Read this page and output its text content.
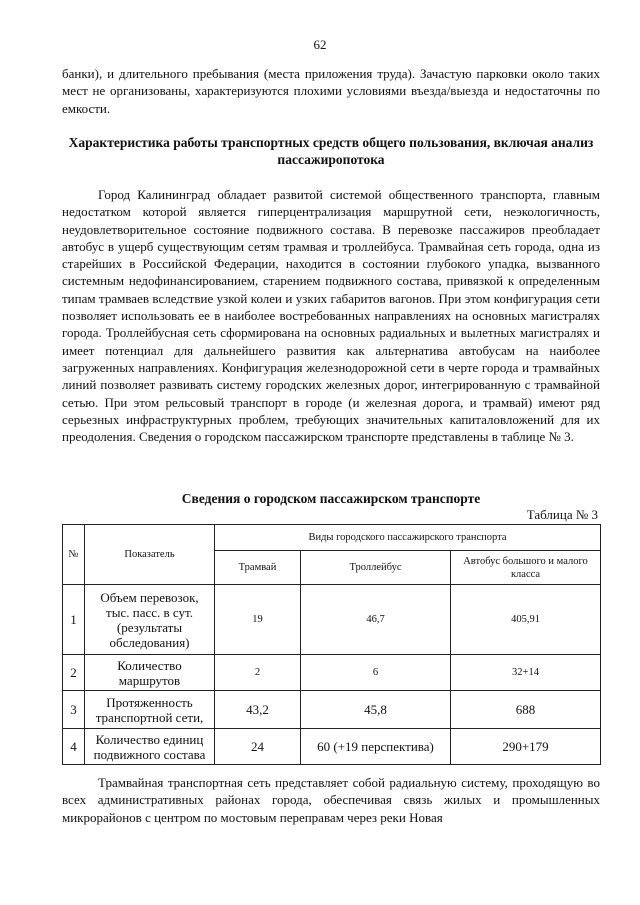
62
банки), и длительного пребывания (места приложения труда). Зачастую парковки около таких мест не организованы, характеризуются плохими условиями въезда/выезда и недостаточны по емкости.
Характеристика работы транспортных средств общего пользования, включая анализ пассажиропотока
Город Калининград обладает развитой системой общественного транспорта, главным недостатком которой является гиперцентрализация маршрутной сети, неэкологичность, неудовлетворительное состояние подвижного состава. В перевозке пассажиров преобладает автобус в ущерб существующим сетям трамвая и троллейбуса. Трамвайная сеть города, одна из старейших в Российской Федерации, находится в состоянии глубокого упадка, вызванного системным недофинансированием, старением подвижного состава, привязкой к определенным типам трамваев вследствие узкой колеи и узких габаритов вагонов. При этом конфигурация сети позволяет использовать ее в наиболее востребованных направлениях на основных магистралях города. Троллейбусная сеть сформирована на основных радиальных и вылетных магистралях и имеет потенциал для дальнейшего развития как альтернатива автобусам на наиболее загруженных направлениях. Конфигурация железнодорожной сети в черте города и трамвайных линий позволяет развивать систему городских железных дорог, интегрированную с трамвайной сетью. При этом рельсовый транспорт в городе (и железная дорога, и трамвай) имеют ряд серьезных инфраструктурных проблем, требующих значительных капиталовложений для их преодоления. Сведения о городском пассажирском транспорте представлены в таблице № 3.
Сведения о городском пассажирском транспорте
Таблица № 3
№	Показатель	Виды городского пассажирского транспорта		
		Трамвай	Троллейбус	Автобус большого и малого класса
1	Объем перевозок, тыс. пасс. в сут. (результаты обследования)	19	46,7	405,91
2	Количество маршрутов	2	6	32+14
3	Протяженность транспортной сети,	43,2	45,8	688
4	Количество единиц подвижного состава	24	60 (+19 перспектива)	290+179
Трамвайная транспортная сеть представляет собой радиальную систему, проходящую во всех административных районах города, обеспечивая связь жилых и промышленных микрорайонов с центром по мостовым переправам через реки Новая
